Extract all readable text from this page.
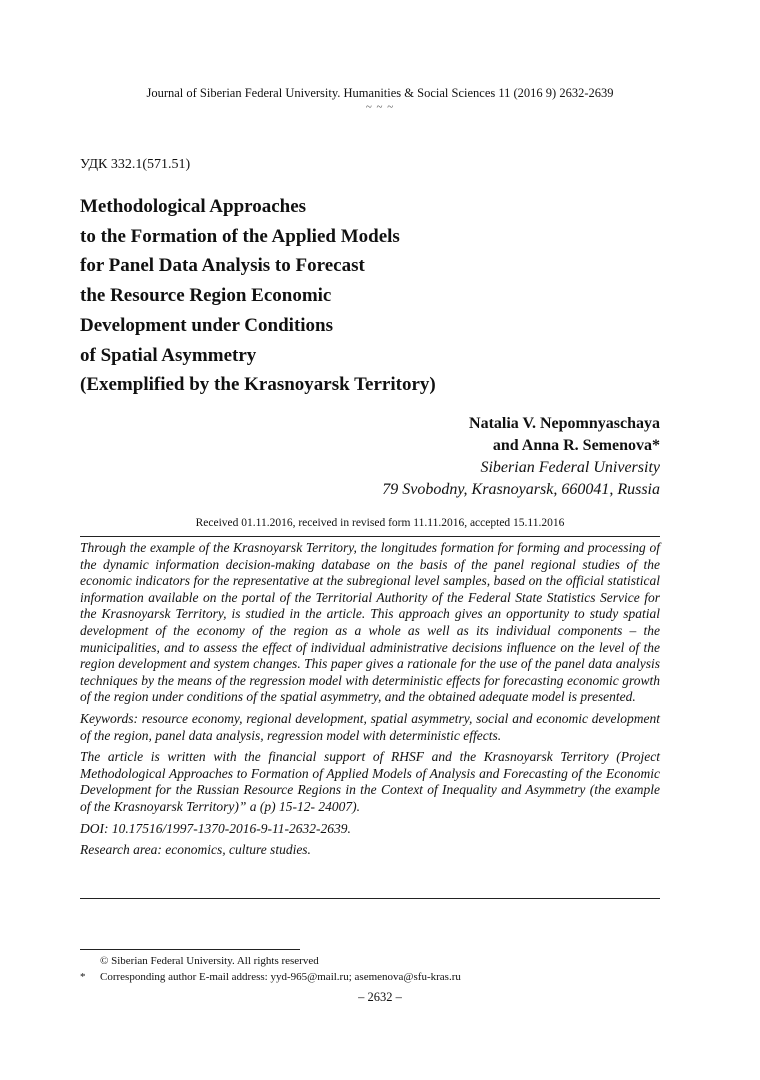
Journal of Siberian Federal University. Humanities & Social Sciences 11 (2016 9) 2632-2639
~ ~ ~
УДК 332.1(571.51)
Methodological Approaches
to the Formation of the Applied Models
for Panel Data Analysis to Forecast
the Resource Region Economic
Development under Conditions
of Spatial Asymmetry
(Exemplified by the Krasnoyarsk Territory)
Natalia V. Nepomnyaschaya
and Anna R. Semenova*
Siberian Federal University
79 Svobodny, Krasnoyarsk, 660041, Russia
Received 01.11.2016, received in revised form 11.11.2016, accepted 15.11.2016

Through the example of the Krasnoyarsk Territory, the longitudes formation for forming and processing of the dynamic information decision-making database on the basis of the panel regional studies of the economic indicators for the representative at the subregional level samples, based on the official statistical information available on the portal of the Territorial Authority of the Federal State Statistics Service for the Krasnoyarsk Territory, is studied in the article. This approach gives an opportunity to study spatial development of the economy of the region as a whole as well as its individual components – the municipalities, and to assess the effect of individual administrative decisions influence on the level of the region development and system changes. This paper gives a rationale for the use of the panel data analysis techniques by the means of the regression model with deterministic effects for forecasting economic growth of the region under conditions of the spatial asymmetry, and the obtained adequate model is presented.

Keywords: resource economy, regional development, spatial asymmetry, social and economic development of the region, panel data analysis, regression model with deterministic effects.

The article is written with the financial support of RHSF and the Krasnoyarsk Territory (Project Methodological Approaches to Formation of Applied Models of Analysis and Forecasting of the Economic Development for the Russian Resource Regions in the Context of Inequality and Asymmetry (the example of the Krasnoyarsk Territory)” a (p) 15-12- 24007).

DOI: 10.17516/1997-1370-2016-9-11-2632-2639.

Research area: economics, culture studies.

© Siberian Federal University. All rights reserved
* Corresponding author E-mail address: yyd-965@mail.ru; asemenova@sfu-kras.ru
– 2632 –
